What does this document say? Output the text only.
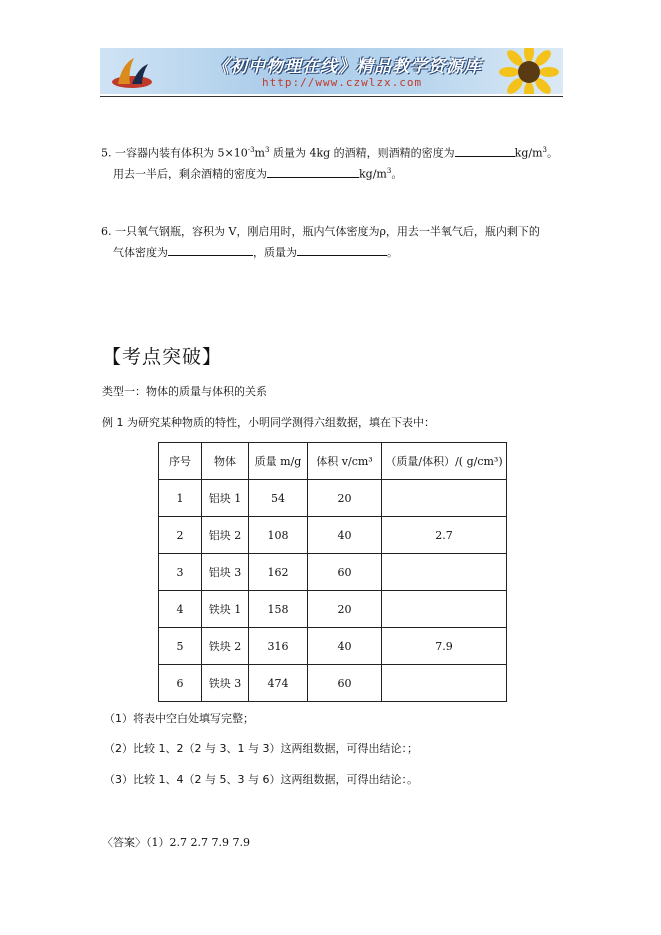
《初中物理在线》精品教学资源库
http://www.czwlzx.com
5. 一容器内装有体积为 $5\times 10^{-3}m^3$ 质量为 4kg 的酒精，则酒精的密度为	$kg/m^3$。
用去一半后，剩余酒精的密度为	$kg/m^3$。
6. 一只氧气钢瓶，容积为 V，刚启用时，瓶内气体密度为ρ，用去一半氧气后，瓶内剩下的
气体密度为	，质量为	。
【考点突破】
类型一：物体的质量与体积的关系
例 1 为研究某种物质的特性，小明同学测得六组数据，填在下表中：
序号	物体	质量 m/g	体积 v/cm³	（质量/体积）/( g/cm³)
1	铝块 1	54	20	
2	铝块 2	108	40	2.7
3	铝块 3	162	60	
4	铁块 1	158	20	
5	铁块 2	316	40	7.9
6	铁块 3	474	60	
（1）将表中空白处填写完整；
（2）比较 1、2（2 与 3、1 与 3）这两组数据，可得出结论：；
（3）比较 1、4（2 与 5、3 与 6）这两组数据，可得出结论：。
〈答案〉（1）2.7 2.7 7.9 7.9
